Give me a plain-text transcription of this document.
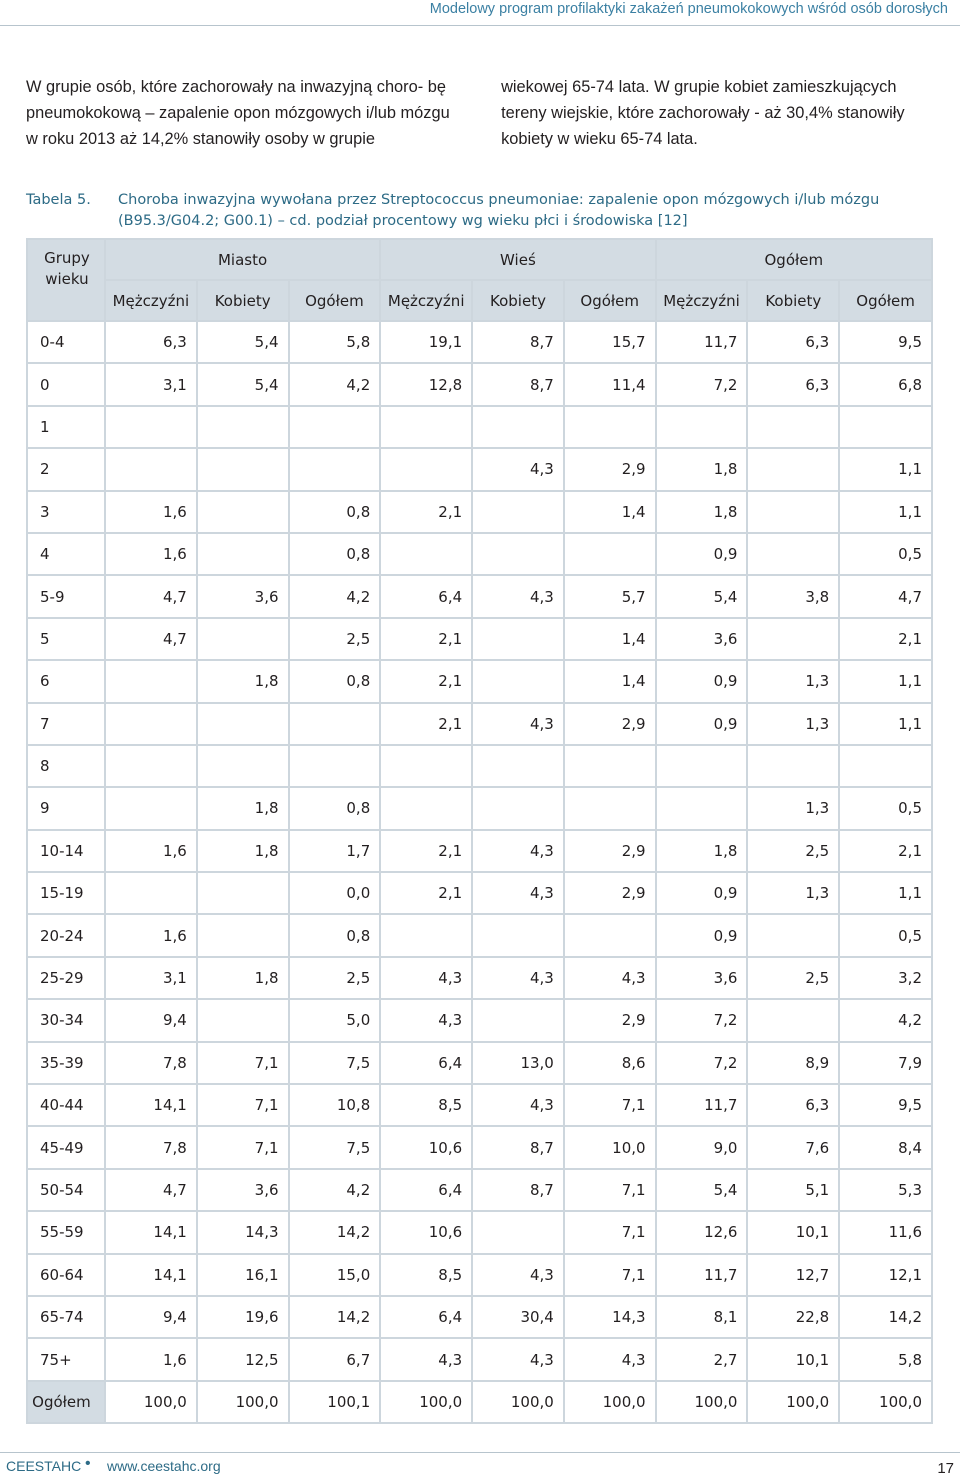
Modelowy program profilaktyki zakażeń pneumokokowych wśród osób dorosłych
W grupie osób, które zachorowały na inwazyjną choro- bę pneumokokową – zapalenie opon mózgowych i/lub mózgu w roku 2013 aż 14,2% stanowiły osoby w grupie
wiekowej 65-74 lata. W grupie kobiet zamieszkujących tereny wiejskie, które zachorowały - aż 30,4% stanowiły kobiety w wieku 65-74 lata.
Tabela 5.	Choroba inwazyjna wywołana przez Streptococcus pneumoniae: zapalenie opon mózgowych i/lub mózgu (B95.3/G04.2; G00.1) – cd. podział procentowy wg wieku płci i środowiska [12]
Grupy wieku	Miasto			Wieś			Ogółem		
	Mężczyźni	Kobiety	Ogółem	Mężczyźni	Kobiety	Ogółem	Mężczyźni	Kobiety	Ogółem
0-4	6,3	5,4	5,8	19,1	8,7	15,7	11,7	6,3	9,5
0	3,1	5,4	4,2	12,8	8,7	11,4	7,2	6,3	6,8
1									
2					4,3	2,9	1,8		1,1
3	1,6		0,8	2,1		1,4	1,8		1,1
4	1,6		0,8				0,9		0,5
5-9	4,7	3,6	4,2	6,4	4,3	5,7	5,4	3,8	4,7
5	4,7		2,5	2,1		1,4	3,6		2,1
6		1,8	0,8	2,1		1,4	0,9	1,3	1,1
7				2,1	4,3	2,9	0,9	1,3	1,1
8									
9		1,8	0,8					1,3	0,5
10-14	1,6	1,8	1,7	2,1	4,3	2,9	1,8	2,5	2,1
15-19			0,0	2,1	4,3	2,9	0,9	1,3	1,1
20-24	1,6		0,8				0,9		0,5
25-29	3,1	1,8	2,5	4,3	4,3	4,3	3,6	2,5	3,2
30-34	9,4		5,0	4,3		2,9	7,2		4,2
35-39	7,8	7,1	7,5	6,4	13,0	8,6	7,2	8,9	7,9
40-44	14,1	7,1	10,8	8,5	4,3	7,1	11,7	6,3	9,5
45-49	7,8	7,1	7,5	10,6	8,7	10,0	9,0	7,6	8,4
50-54	4,7	3,6	4,2	6,4	8,7	7,1	5,4	5,1	5,3
55-59	14,1	14,3	14,2	10,6		7,1	12,6	10,1	11,6
60-64	14,1	16,1	15,0	8,5	4,3	7,1	11,7	12,7	12,1
65-74	9,4	19,6	14,2	6,4	30,4	14,3	8,1	22,8	14,2
75+	1,6	12,5	6,7	4,3	4,3	4,3	2,7	10,1	5,8
Ogółem	100,0	100,0	100,1	100,0	100,0	100,0	100,0	100,0	100,0
CEESTAHC • www.ceestahc.org	17
